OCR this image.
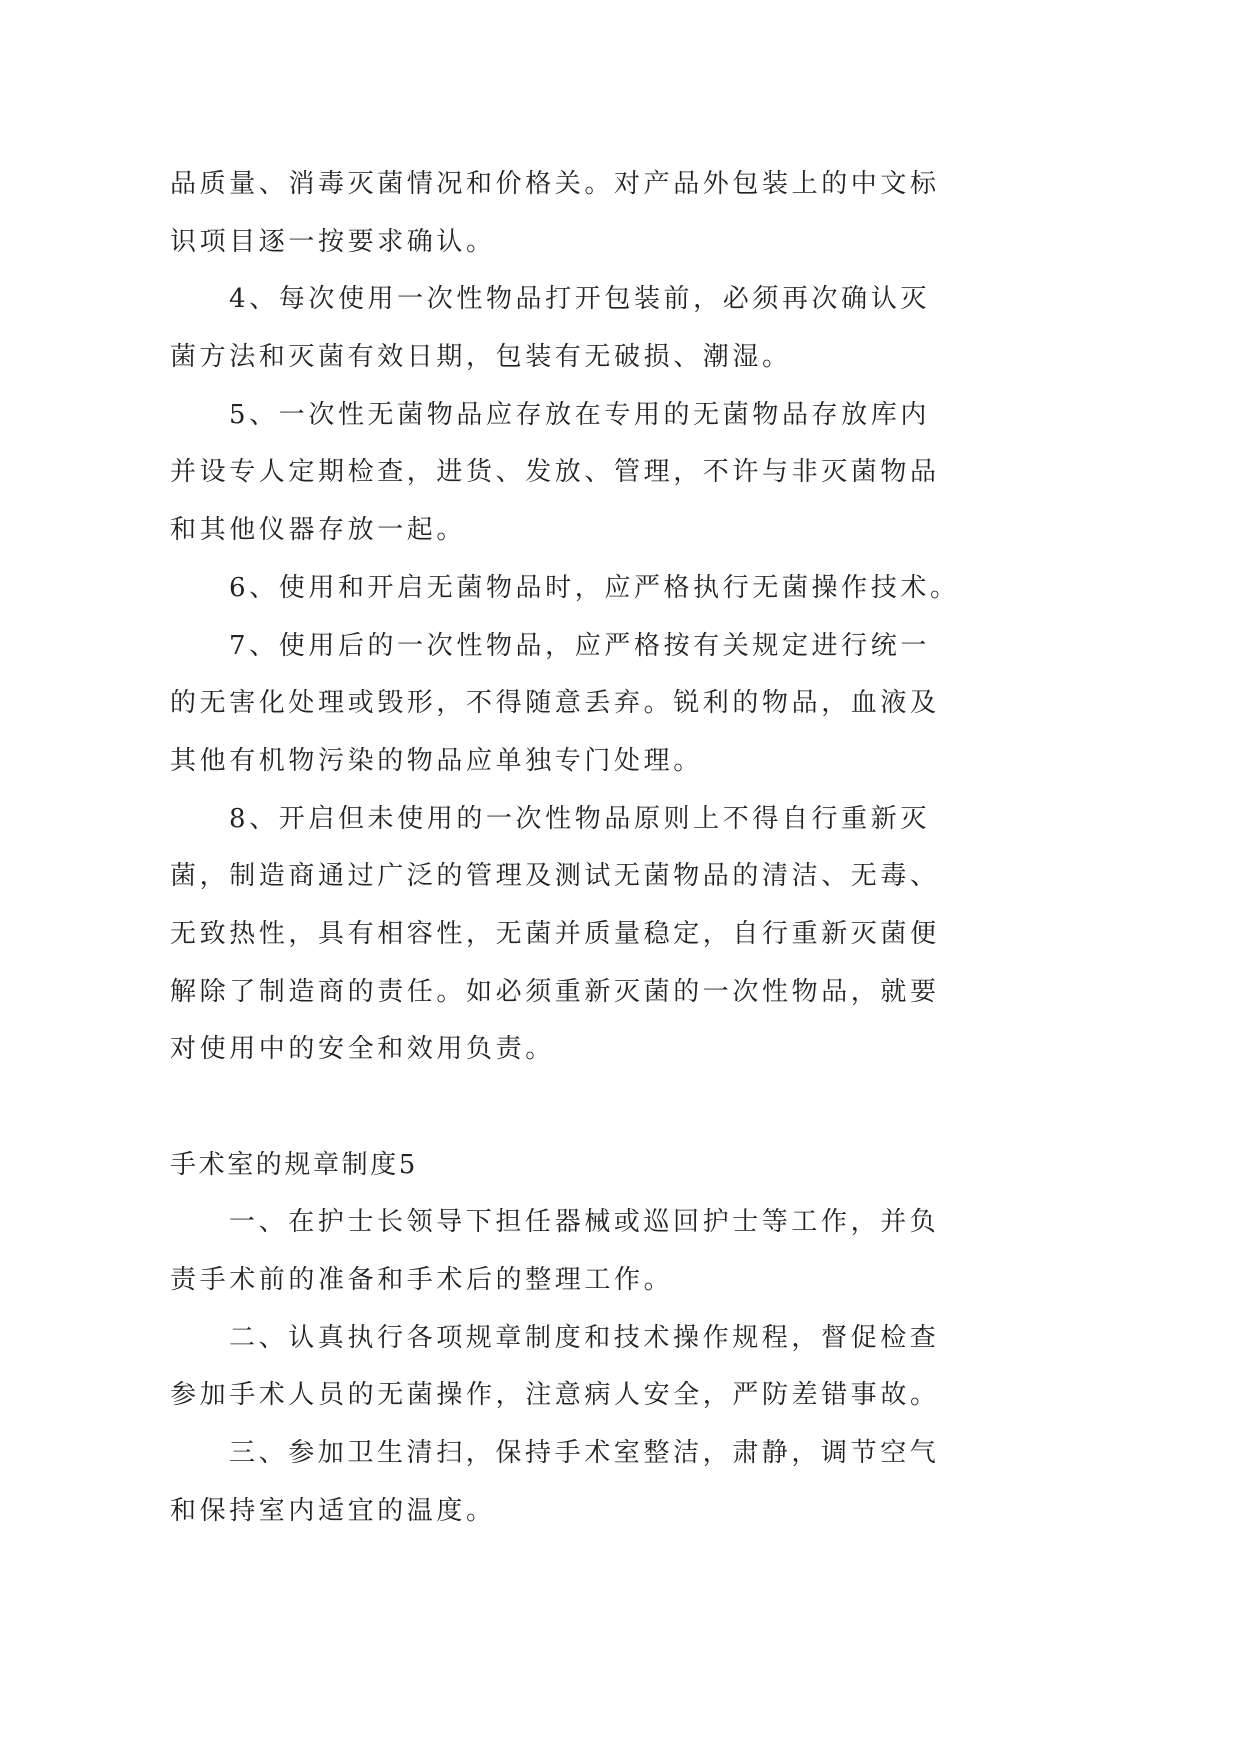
品质量、消毒灭菌情况和价格关。对产品外包装上的中文标
识项目逐一按要求确认。
4、每次使用一次性物品打开包装前，必须再次确认灭
菌方法和灭菌有效日期，包装有无破损、潮湿。
5、一次性无菌物品应存放在专用的无菌物品存放库内
并设专人定期检查，进货、发放、管理，不许与非灭菌物品
和其他仪器存放一起。
6、使用和开启无菌物品时，应严格执行无菌操作技术。
7、使用后的一次性物品，应严格按有关规定进行统一
的无害化处理或毁形，不得随意丢弃。锐利的物品，血液及
其他有机物污染的物品应单独专门处理。
8、开启但未使用的一次性物品原则上不得自行重新灭
菌，制造商通过广泛的管理及测试无菌物品的清洁、无毒、
无致热性，具有相容性，无菌并质量稳定，自行重新灭菌便
解除了制造商的责任。如必须重新灭菌的一次性物品，就要
对使用中的安全和效用负责。
手术室的规章制度5
一、在护士长领导下担任器械或巡回护士等工作，并负
责手术前的准备和手术后的整理工作。
二、认真执行各项规章制度和技术操作规程，督促检查
参加手术人员的无菌操作，注意病人安全，严防差错事故。
三、参加卫生清扫，保持手术室整洁，肃静，调节空气
和保持室内适宜的温度。
